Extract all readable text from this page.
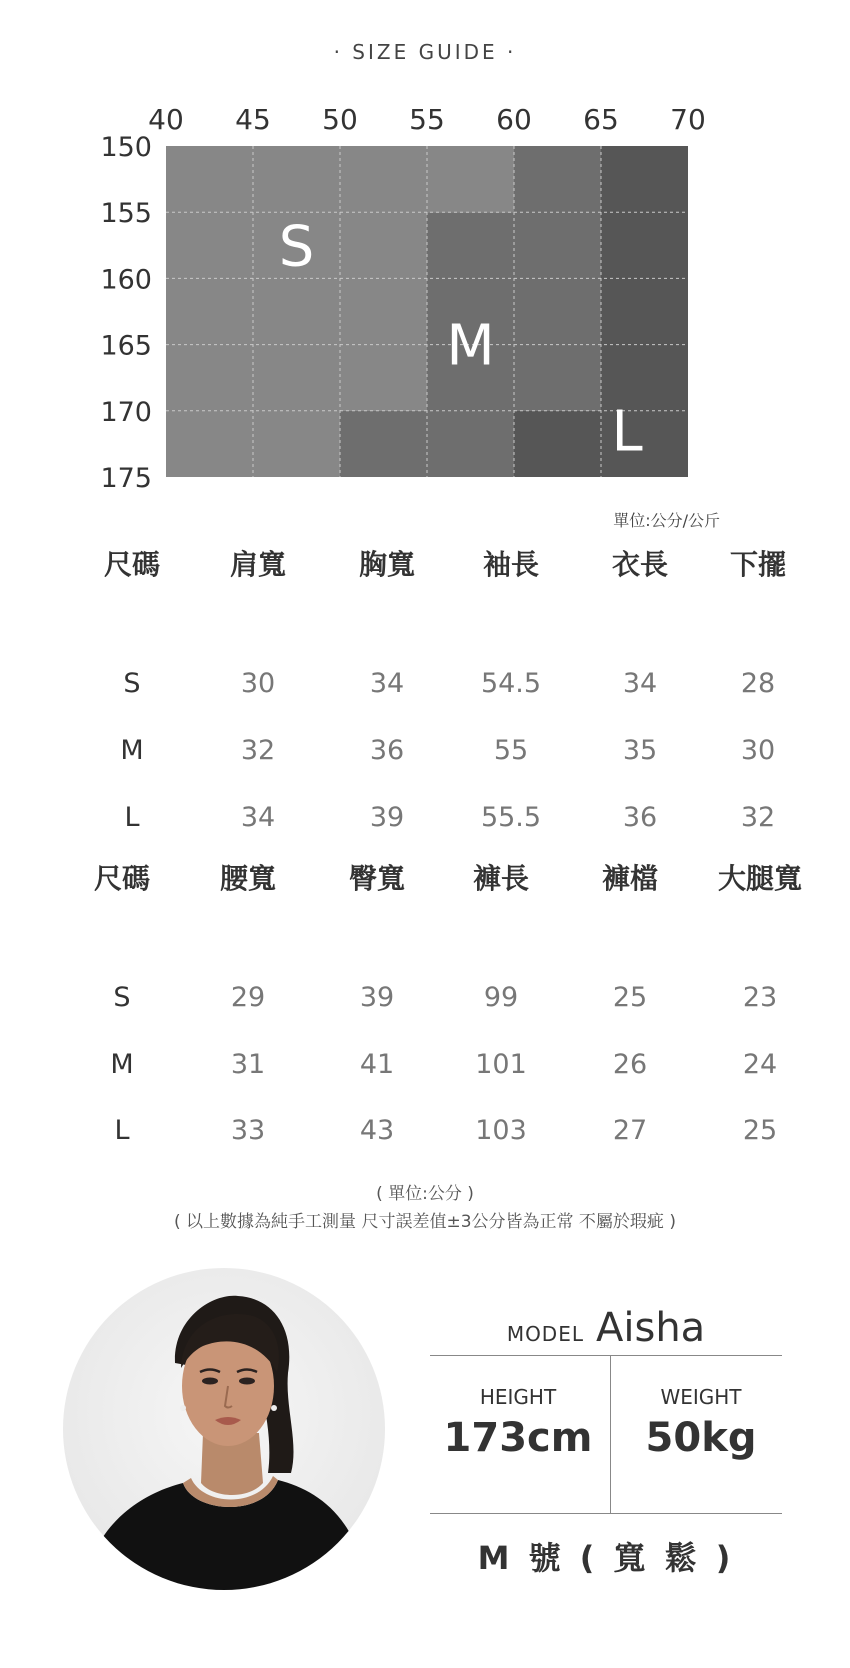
· SIZE GUIDE ·
40 45 50 55 60 65 70
150
155
160
165
170
175
S
M
L
單位:公分/公斤
尺碼 肩寬	胸寬 袖長	衣長 下擺
S	30	34	54.5	34	28
M	32	36	55	35	30
L	34	39	55.5	36	32
尺碼 腰寬	臀寬 褲長	褲檔 大腿寬
S	29	39	99	25	23
M	31	41	101	26	24
L	33	43	103	27	25
( 單位:公分 )
( 以上數據為純手工測量 尺寸誤差值±3公分皆為正常 不屬於瑕疵 )
MODEL Aisha
HEIGHT
173cm
WEIGHT
50kg
M 號 ( 寬 鬆 )
